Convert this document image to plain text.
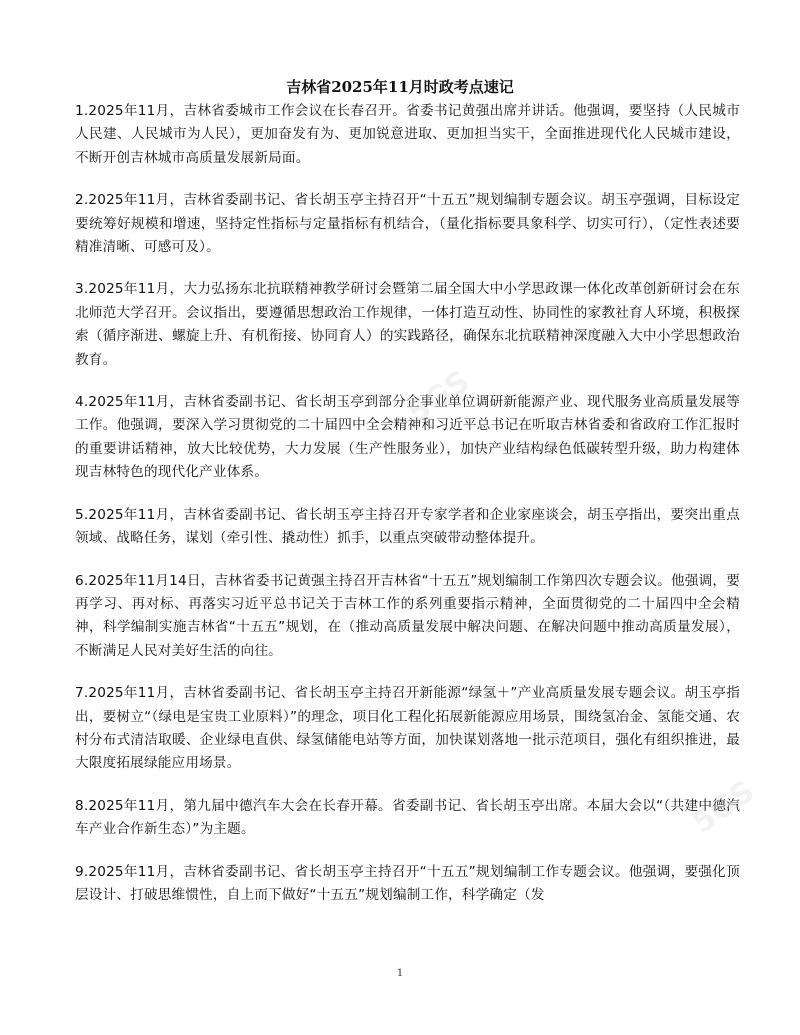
吉林省2025年11月时政考点速记

1.2025年11月，吉林省委城市工作会议在长春召开。省委书记黄强出席并讲话。他强调，要坚持（人民城市人民建、人民城市为人民），更加奋发有为、更加锐意进取、更加担当实干，全面推进现代化人民城市建设，不断开创吉林城市高质量发展新局面。

2.2025年11月，吉林省委副书记、省长胡玉亭主持召开“十五五”规划编制专题会议。胡玉亭强调，目标设定要统筹好规模和增速，坚持定性指标与定量指标有机结合，（量化指标要具象科学、切实可行），（定性表述要精准清晰、可感可及）。

3.2025年11月，大力弘扬东北抗联精神教学研讨会暨第二届全国大中小学思政课一体化改革创新研讨会在东北师范大学召开。会议指出，要遵循思想政治工作规律，一体打造互动性、协同性的家教社育人环境，积极探索（循序渐进、螺旋上升、有机衔接、协同育人）的实践路径，确保东北抗联精神深度融入大中小学思想政治教育。

4.2025年11月，吉林省委副书记、省长胡玉亭到部分企事业单位调研新能源产业、现代服务业高质量发展等工作。他强调，要深入学习贯彻党的二十届四中全会精神和习近平总书记在听取吉林省委和省政府工作汇报时的重要讲话精神，放大比较优势，大力发展（生产性服务业），加快产业结构绿色低碳转型升级，助力构建体现吉林特色的现代化产业体系。

5.2025年11月，吉林省委副书记、省长胡玉亭主持召开专家学者和企业家座谈会，胡玉亭指出，要突出重点领域、战略任务，谋划（牵引性、撬动性）抓手，以重点突破带动整体提升。

6.2025年11月14日，吉林省委书记黄强主持召开吉林省“十五五”规划编制工作第四次专题会议。他强调，要再学习、再对标、再落实习近平总书记关于吉林工作的系列重要指示精神，全面贯彻党的二十届四中全会精神，科学编制实施吉林省“十五五”规划，在（推动高质量发展中解决问题、在解决问题中推动高质量发展），不断满足人民对美好生活的向往。

7.2025年11月，吉林省委副书记、省长胡玉亭主持召开新能源“绿氢＋”产业高质量发展专题会议。胡玉亭指出，要树立“（绿电是宝贵工业原料）”的理念，项目化工程化拓展新能源应用场景，围绕氢冶金、氢能交通、农村分布式清洁取暖、企业绿电直供、绿氢储能电站等方面，加快谋划落地一批示范项目，强化有组织推进，最大限度拓展绿能应用场景。

8.2025年11月，第九届中德汽车大会在长春开幕。省委副书记、省长胡玉亭出席。本届大会以“（共建中德汽车产业合作新生态）”为主题。

9.2025年11月，吉林省委副书记、省长胡玉亭主持召开“十五五”规划编制工作专题会议。他强调，要强化顶层设计、打破思维惯性，自上而下做好“十五五”规划编制工作，科学确定（发

5GS
5GS
1
